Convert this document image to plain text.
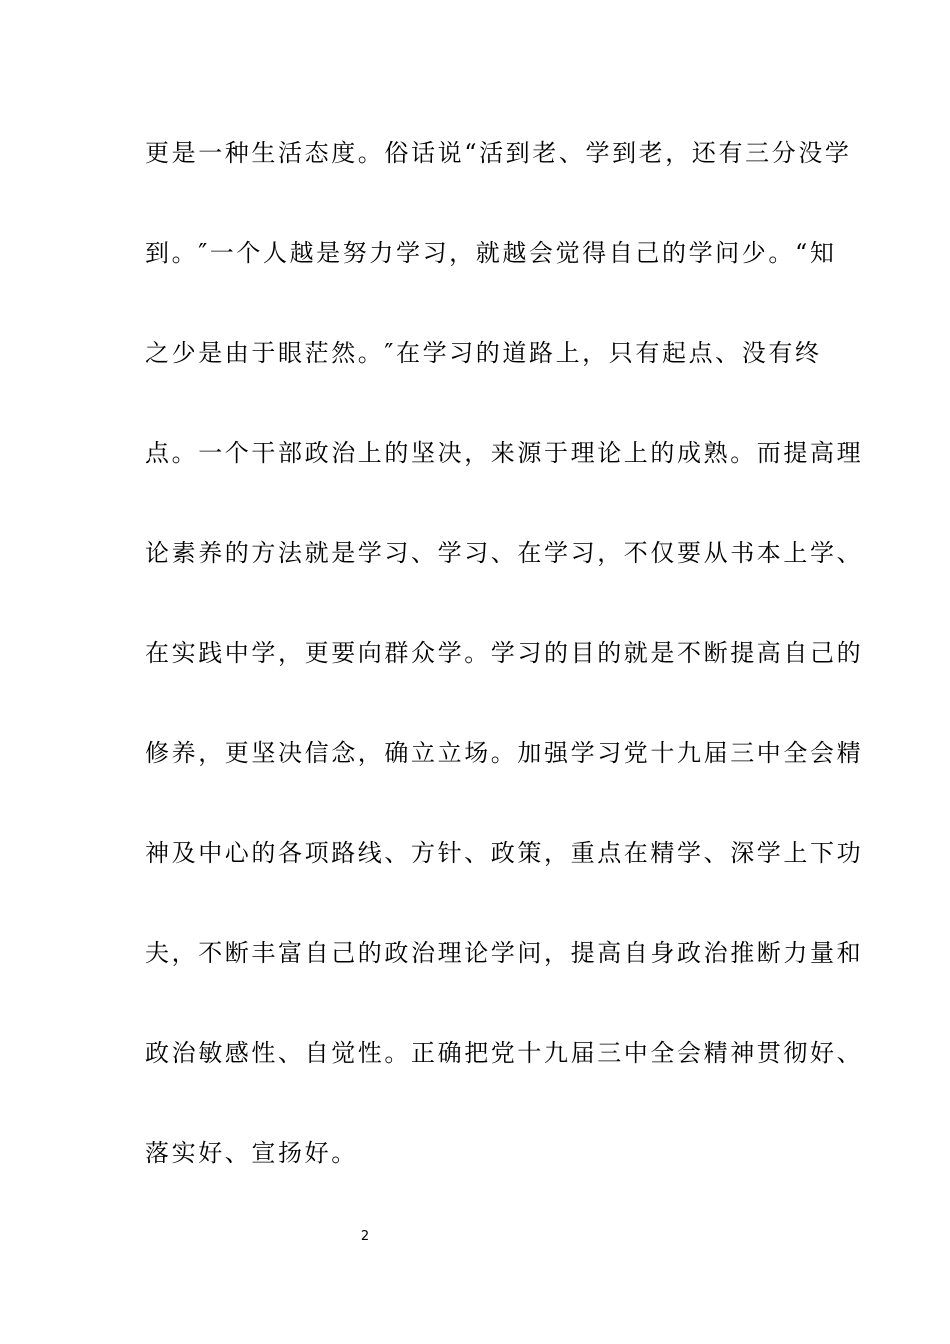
更是一种生活态度。俗话说“活到老、学到老，还有三分没学
到。″一个人越是努力学习，就越会觉得自己的学问少。“知
之少是由于眼茫然。″在学习的道路上，只有起点、没有终
点。一个干部政治上的坚决，来源于理论上的成熟。而提高理
论素养的方法就是学习、学习、在学习，不仅要从书本上学、
在实践中学，更要向群众学。学习的目的就是不断提高自己的
修养，更坚决信念，确立立场。加强学习党十九届三中全会精
神及中心的各项路线、方针、政策，重点在精学、深学上下功
夫，不断丰富自己的政治理论学问，提高自身政治推断力量和
政治敏感性、自觉性。正确把党十九届三中全会精神贯彻好、
落实好、宣扬好。
2
